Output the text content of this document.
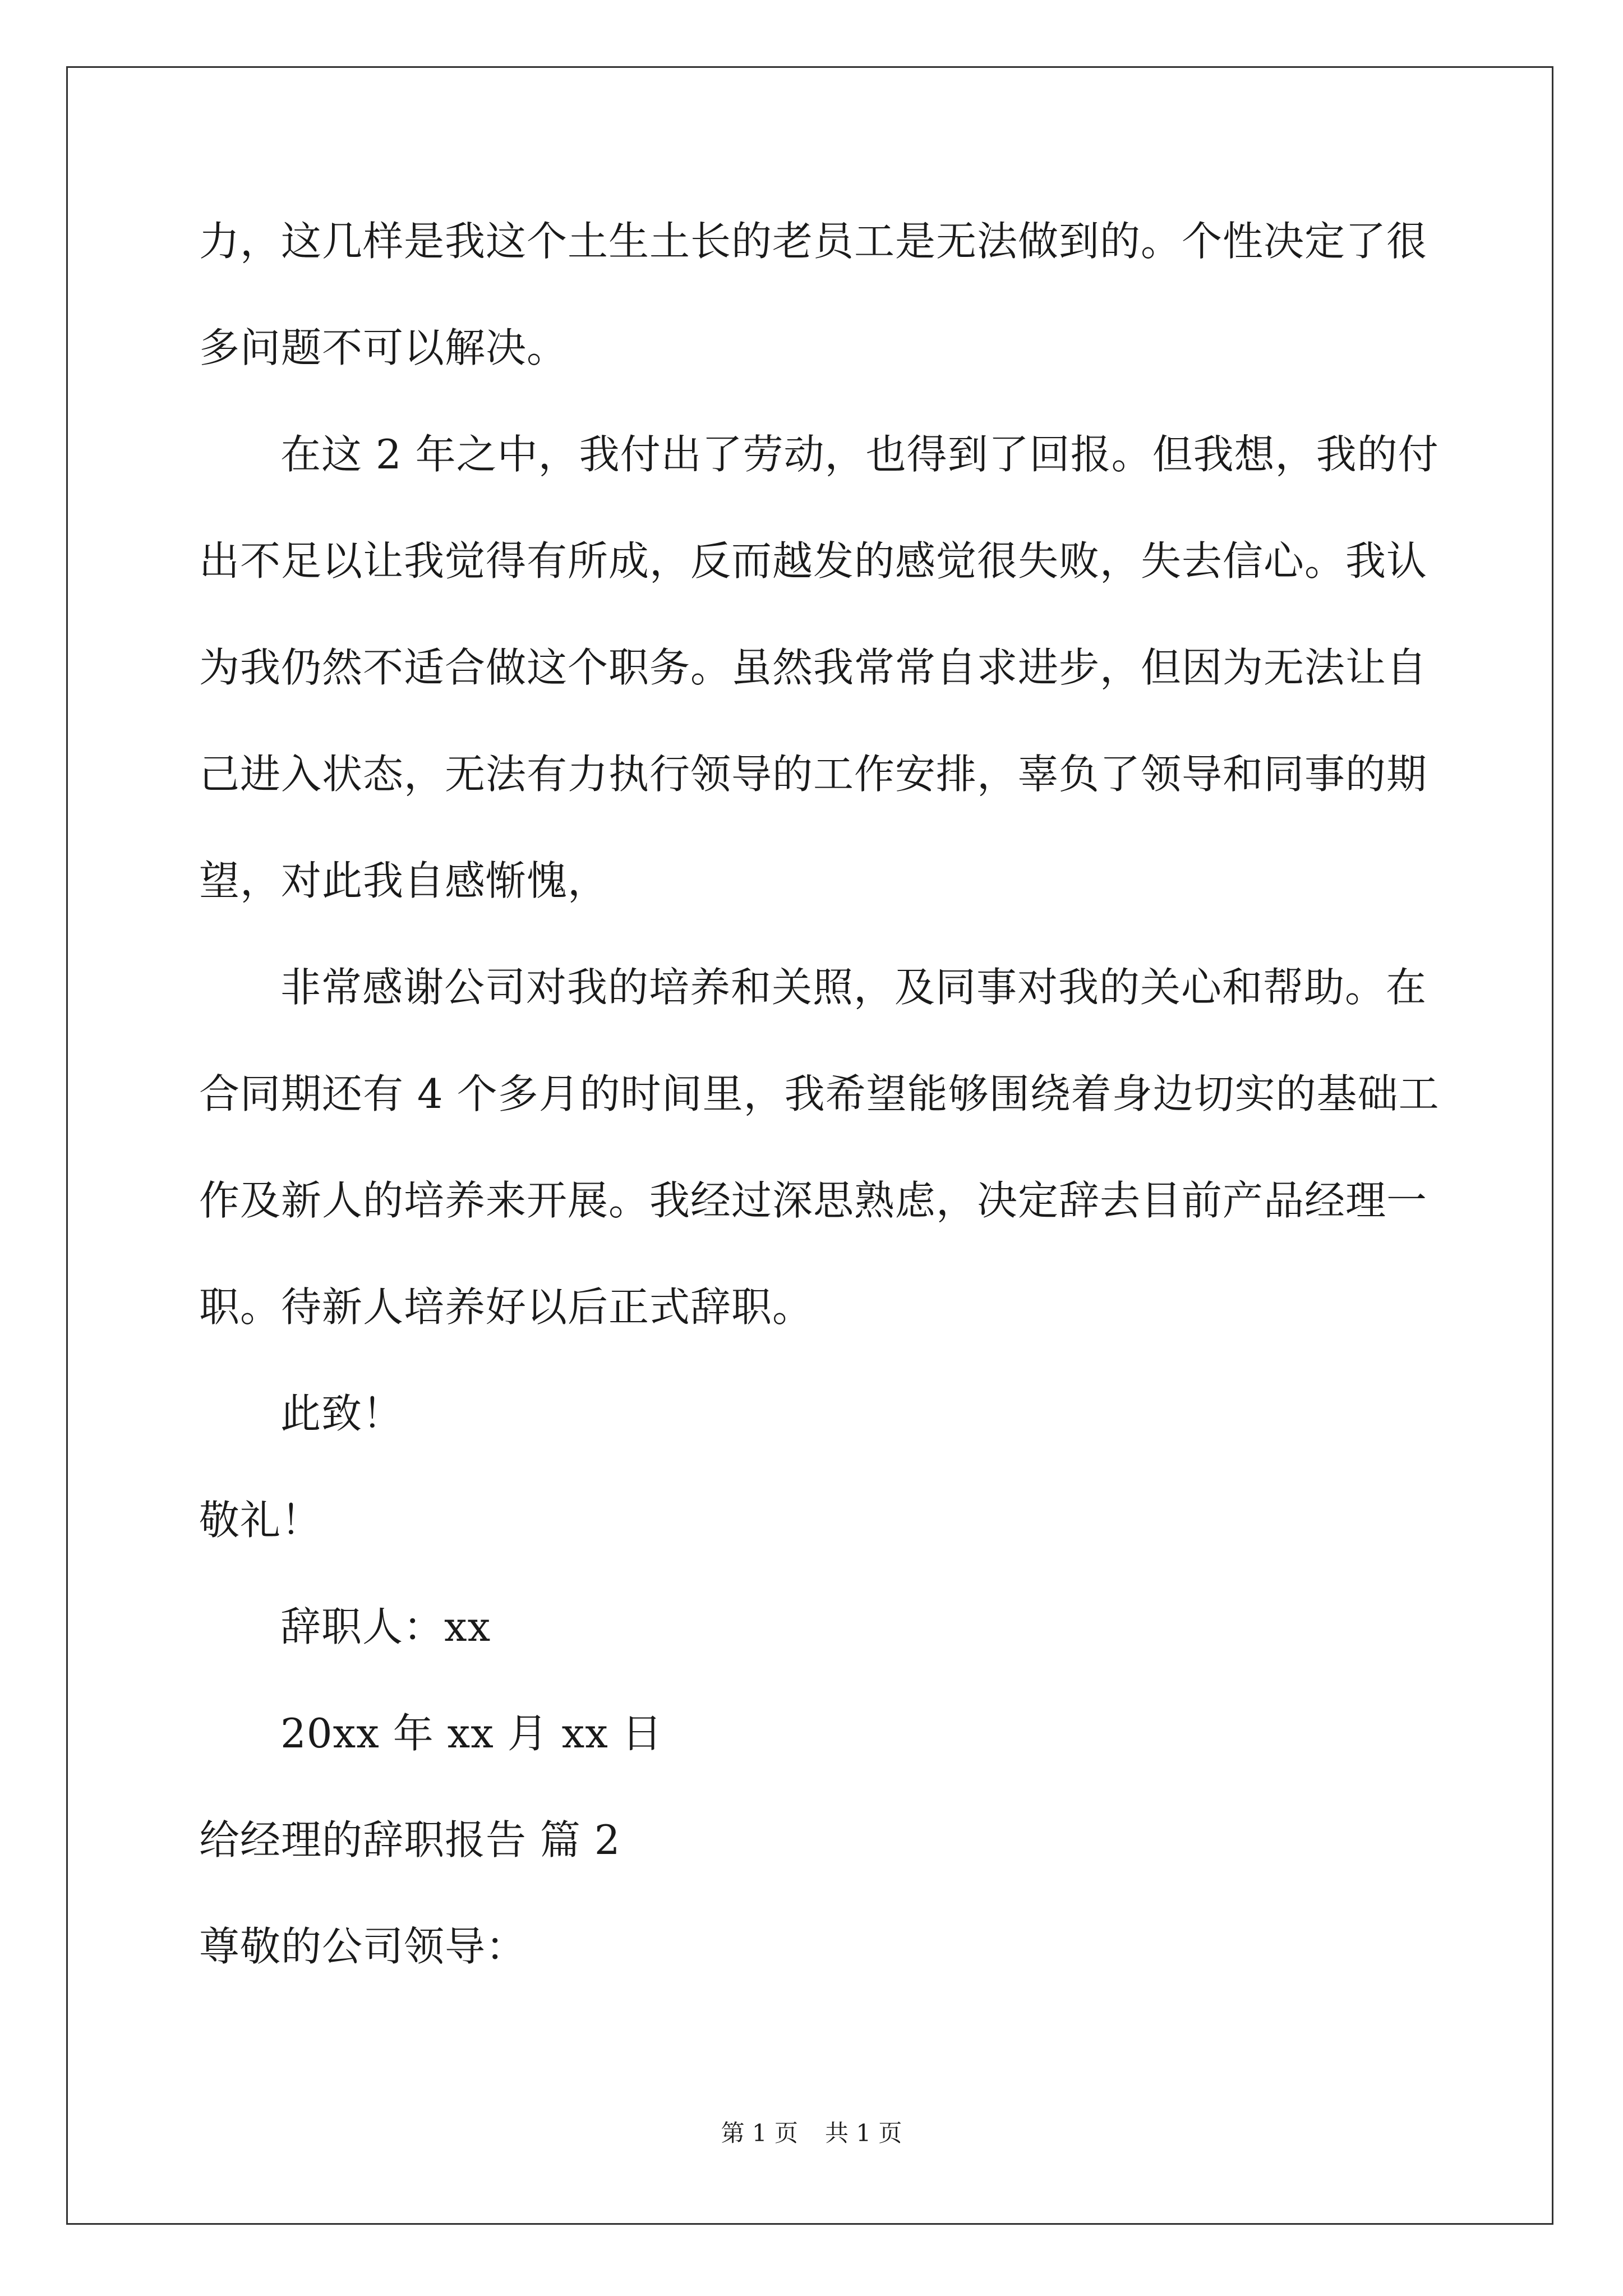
力，这几样是我这个土生土长的老员工是无法做到的。个性决定了很
多问题不可以解决。
在这 2 年之中，我付出了劳动，也得到了回报。但我想，我的付
出不足以让我觉得有所成，反而越发的感觉很失败，失去信心。我认
为我仍然不适合做这个职务。虽然我常常自求进步，但因为无法让自
己进入状态，无法有力执行领导的工作安排，辜负了领导和同事的期
望，对此我自感惭愧，
非常感谢公司对我的培养和关照，及同事对我的关心和帮助。在
合同期还有 4 个多月的时间里，我希望能够围绕着身边切实的基础工
作及新人的培养来开展。我经过深思熟虑，决定辞去目前产品经理一
职。待新人培养好以后正式辞职。
此致！
敬礼！
辞职人：xx
20xx 年 xx 月 xx 日
给经理的辞职报告 篇 2
尊敬的公司领导：
第 1 页 共 1 页
